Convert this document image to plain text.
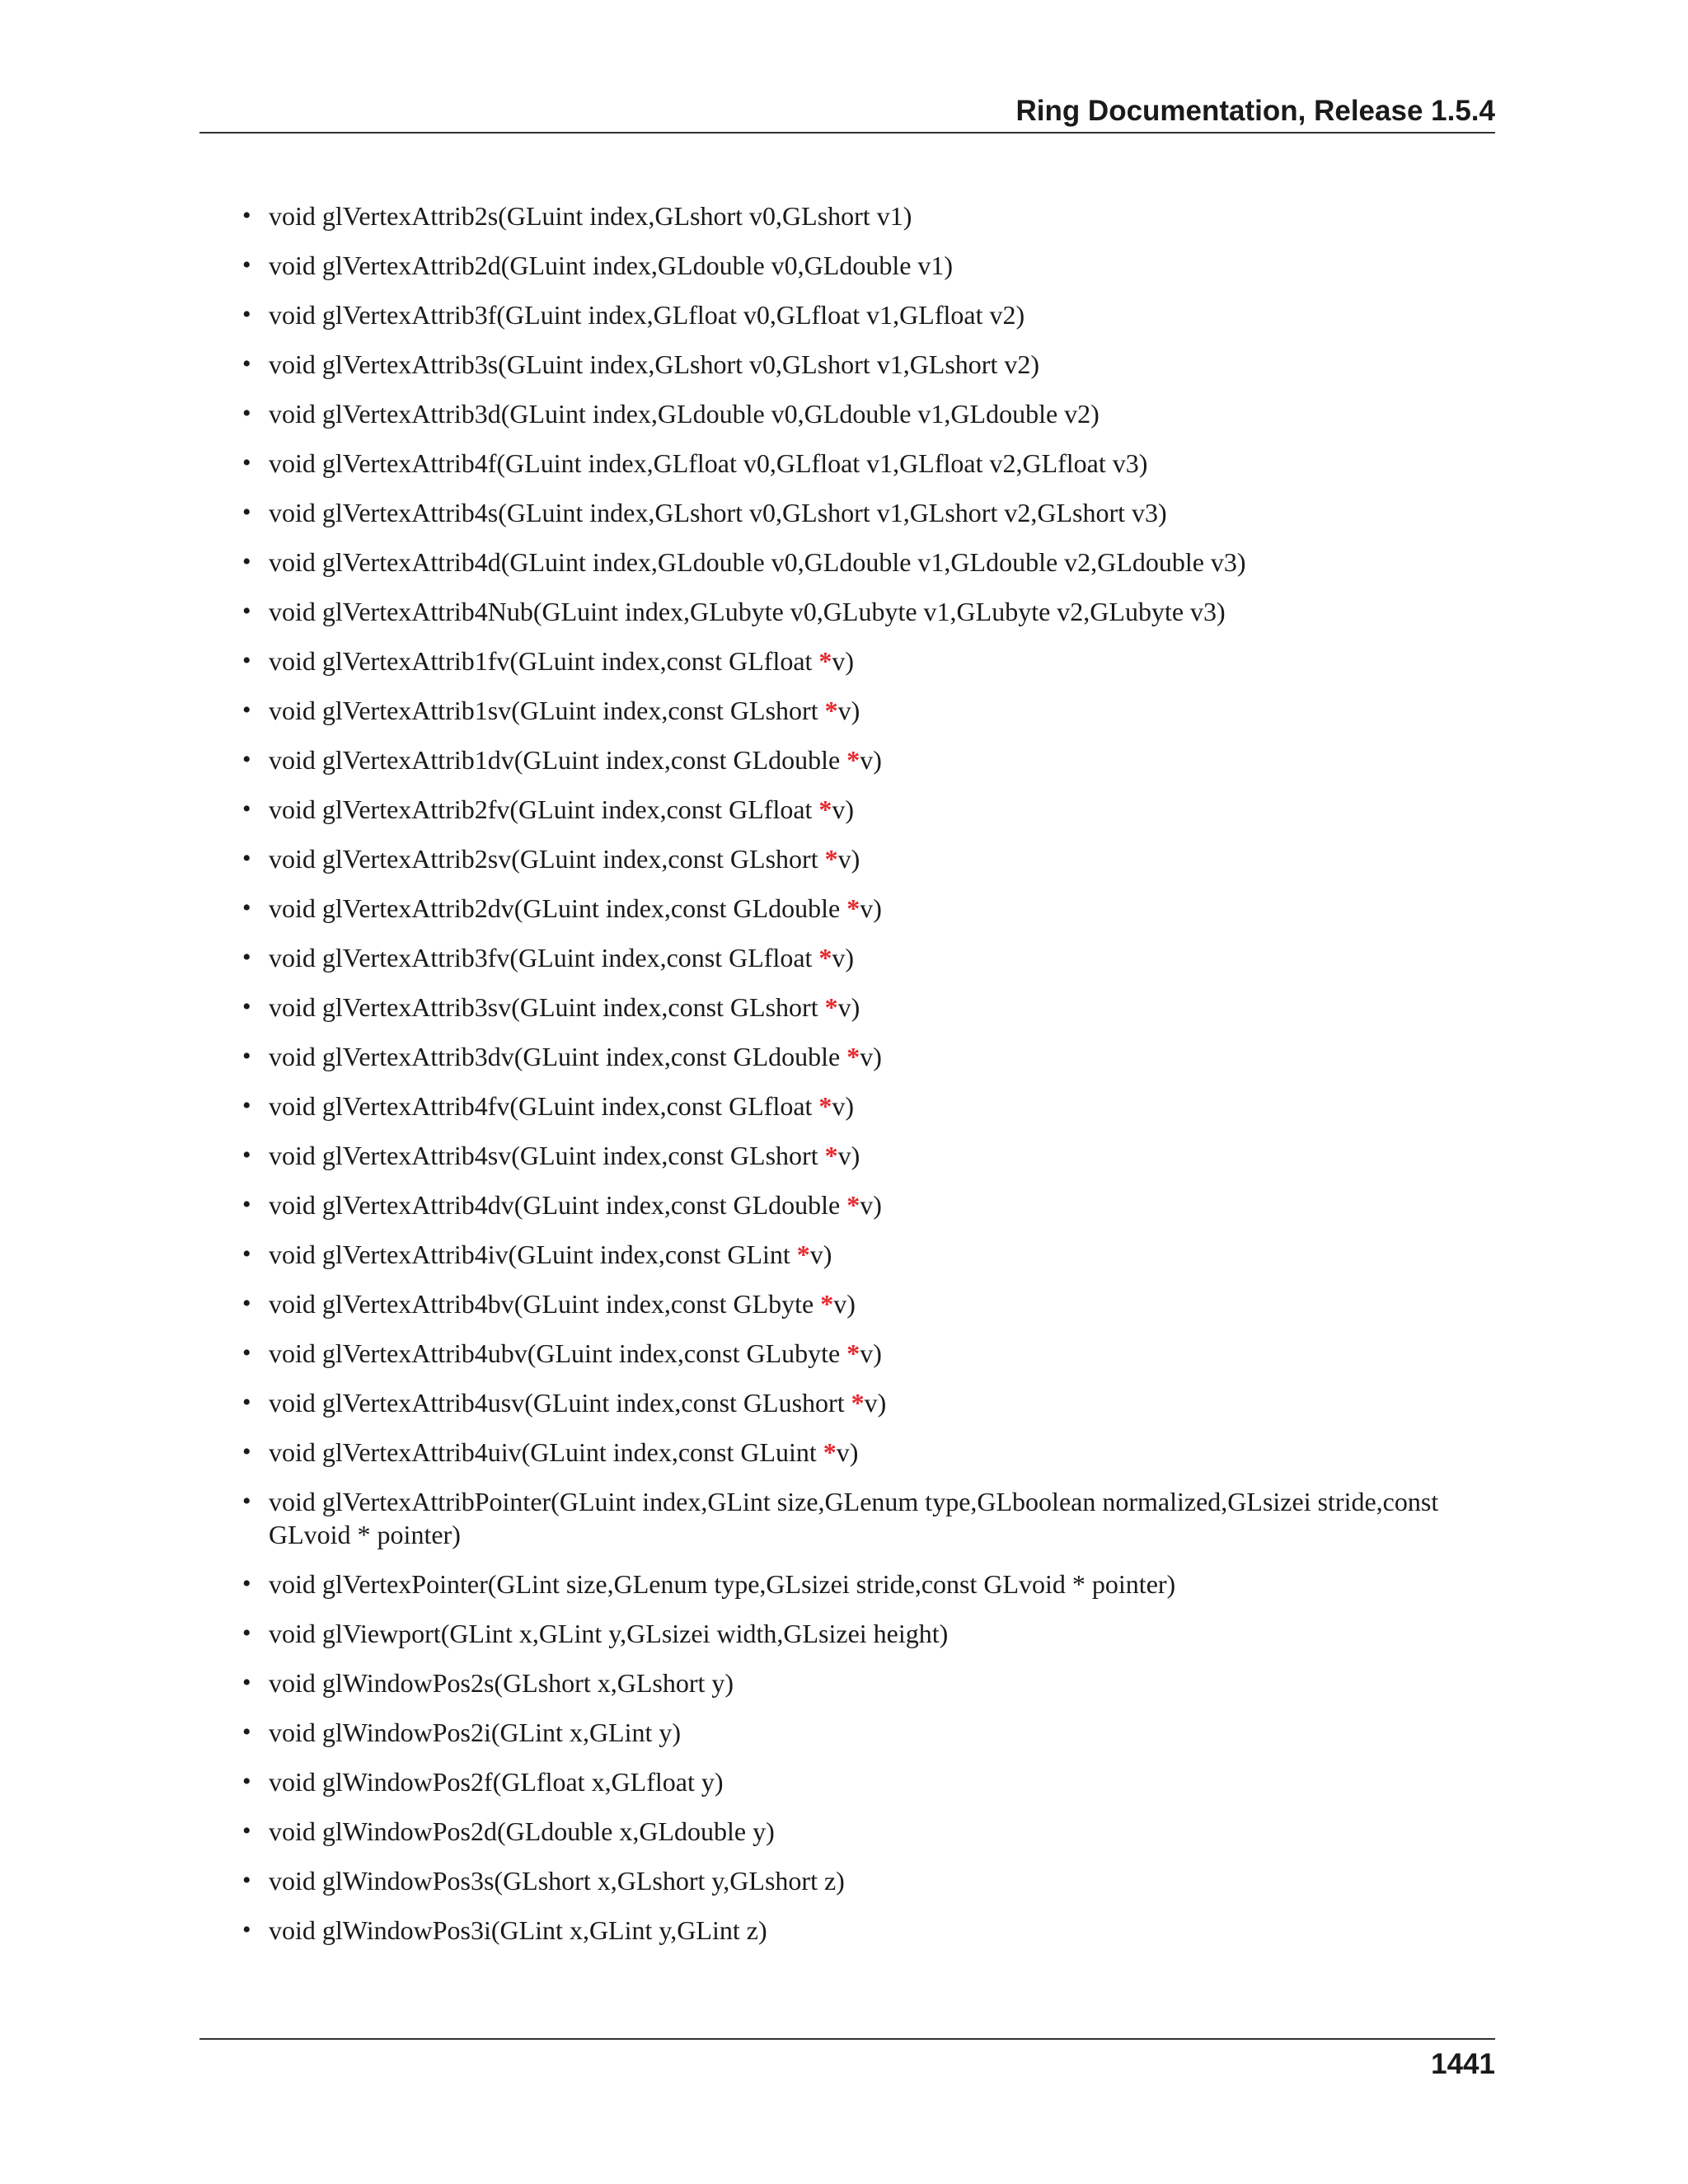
Ring Documentation, Release 1.5.4
• void glVertexAttrib2s(GLuint index,GLshort v0,GLshort v1)
• void glVertexAttrib2d(GLuint index,GLdouble v0,GLdouble v1)
• void glVertexAttrib3f(GLuint index,GLfloat v0,GLfloat v1,GLfloat v2)
• void glVertexAttrib3s(GLuint index,GLshort v0,GLshort v1,GLshort v2)
• void glVertexAttrib3d(GLuint index,GLdouble v0,GLdouble v1,GLdouble v2)
• void glVertexAttrib4f(GLuint index,GLfloat v0,GLfloat v1,GLfloat v2,GLfloat v3)
• void glVertexAttrib4s(GLuint index,GLshort v0,GLshort v1,GLshort v2,GLshort v3)
• void glVertexAttrib4d(GLuint index,GLdouble v0,GLdouble v1,GLdouble v2,GLdouble v3)
• void glVertexAttrib4Nub(GLuint index,GLubyte v0,GLubyte v1,GLubyte v2,GLubyte v3)
• void glVertexAttrib1fv(GLuint index,const GLfloat *v)
• void glVertexAttrib1sv(GLuint index,const GLshort *v)
• void glVertexAttrib1dv(GLuint index,const GLdouble *v)
• void glVertexAttrib2fv(GLuint index,const GLfloat *v)
• void glVertexAttrib2sv(GLuint index,const GLshort *v)
• void glVertexAttrib2dv(GLuint index,const GLdouble *v)
• void glVertexAttrib3fv(GLuint index,const GLfloat *v)
• void glVertexAttrib3sv(GLuint index,const GLshort *v)
• void glVertexAttrib3dv(GLuint index,const GLdouble *v)
• void glVertexAttrib4fv(GLuint index,const GLfloat *v)
• void glVertexAttrib4sv(GLuint index,const GLshort *v)
• void glVertexAttrib4dv(GLuint index,const GLdouble *v)
• void glVertexAttrib4iv(GLuint index,const GLint *v)
• void glVertexAttrib4bv(GLuint index,const GLbyte *v)
• void glVertexAttrib4ubv(GLuint index,const GLubyte *v)
• void glVertexAttrib4usv(GLuint index,const GLushort *v)
• void glVertexAttrib4uiv(GLuint index,const GLuint *v)
• void glVertexAttribPointer(GLuint index,GLint size,GLenum type,GLboolean normalized,GLsizei stride,const GLvoid * pointer)
• void glVertexPointer(GLint size,GLenum type,GLsizei stride,const GLvoid * pointer)
• void glViewport(GLint x,GLint y,GLsizei width,GLsizei height)
• void glWindowPos2s(GLshort x,GLshort y)
• void glWindowPos2i(GLint x,GLint y)
• void glWindowPos2f(GLfloat x,GLfloat y)
• void glWindowPos2d(GLdouble x,GLdouble y)
• void glWindowPos3s(GLshort x,GLshort y,GLshort z)
• void glWindowPos3i(GLint x,GLint y,GLint z)
1441
